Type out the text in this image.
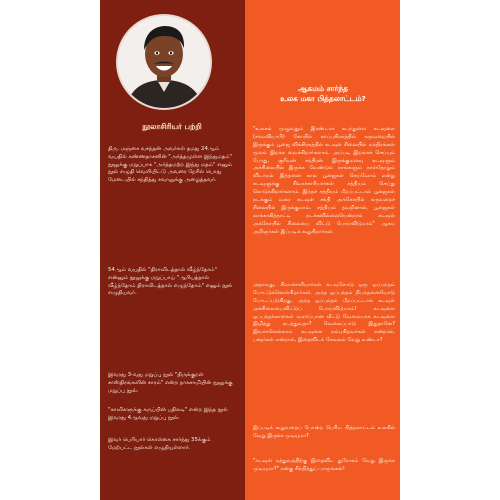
நூலாசிரியர் பற்றி

திரு. மஞ்சை வசந்தன் அவர்கள் தமது 24ஆம் வயதில் கண்ணதாசனின் "அர்த்தமுள்ள இந்துமதம்" நூலுக்கு மறுப்பாக "அர்த்தமற்ற இந்து மதம்" எனும் நூல் எழுதி வெளியிட்டு அவரை நேரில் பொது மேடையில் சந்தித்து சவாலுக்கு அழைத்தவர்.

54ஆம் வயதில் "திராவிடத்தால் வீழ்ந்தோம்" என்னும் நூலுக்கு மறுப்பாய் "ஆரியத்தால் வீழ்ந்தோம் திராவிடத்தால் எழுந்தோம்" எனும் நூல் எழுதியவர்.

இவரது 3-வது மறுப்பு நூல் "திருக்குறள் சாஸ்திரங்களின் சாரம்" என்ற நாகசாமியின் நூலுக்கு மறுப்பு நூல்.

"காவிகளுக்கு கருப்பின் பதிலடி" என்ற இந்த நூல் இவரது 4ஆவது மறுப்பு நூல்.

இவர் பெரியார் கொள்கை சார்ந்து 35க்கும் மேற்பட்ட நூல்கள் எழுதியுள்ளார்.

ஆகமம் சார்ந்த
உலக மகா பித்தலாட்டம்?

"உலகம் முழுவதும் இரண்டாக கடந்துள்ள கடவுளை (சர்வவியாபி) கோயில் கர்ப்பகிரகத்தில் கருவறையில் இருக்கும் பூஜை விக்கிரகத்தில் கடவுள் சிலையில் மந்திரங்கள் மூலம் இறக்க வைக்கிறார்களாம். அப்படி இறங்கச் செய்யும் போது, சூரியன் சந்திரன் இருக்குமளவு கடவுளும் அச்சிலையில் இருக்க வேண்டும் நாங்களும் நாள்தோறும் விடாமல் இத்தனை கால பூஜைகள் செய்வோம் என்று கடவுளுக்கு சிவாச்சாரியார்கள் சத்தியம் செய்து கொடுக்கிறார்களாம். இந்தச் சத்தியம் மீறப்பட்டால் பூஜைகள் நடக்கும் வரை கடவுள் சக்தி அக்கோயில் கருவறைச் சிலையில் இருக்குமாம். சத்தியம் தவறினால், பூஜைகள் லாக்காகித்தாட்டி நடக்கவில்லையென்றால் கடவுள் அக்கோயில் சிலையை விட்டு போய்விடுமாம்" ஆகம அறிஞர்கள் இப்படிக் கூறுகிறார்கள்.

அதாவது, சிவாச்சாரியார்கள் கடவுளோடு ஒரு ஒப்பந்தம் போட்டுக்கொள்கிறார்கள். அந்த ஒப்பந்தம் நிபந்தனையோடு போடப்படுகிறது. அந்த ஒப்பந்தம் மீறப்பட்டால் கடவுள் அச்சிலையைவிட்டுப் போய்விடுமாம்! கடவுளை ஒப்பந்தக்காரர்கள் வளர்ப்பான வீட்டு வேலையாக கடவுளை இழித்து நடத்துவதா? வேலைப்பாடு இதுதானே? இவர்களெல்லாம் கடவுளை நம்புகிறவர்கள் என்றால், பக்தர்கள் என்றால், இதைவிடக் கேவலம் வேறு உண்டா?

இப்படிக் கூறுவதைப் போன்ற பெரிய பித்தலாட்டம் உலகில் வேறு இருக்க முடியுமா?

"கடவுள் நத்துவத்திற்கு இதைவிட துரோகம் வேறு இருக்க முடியுமா?" நன்கு சிந்தித்துப் பாருங்கள்!
